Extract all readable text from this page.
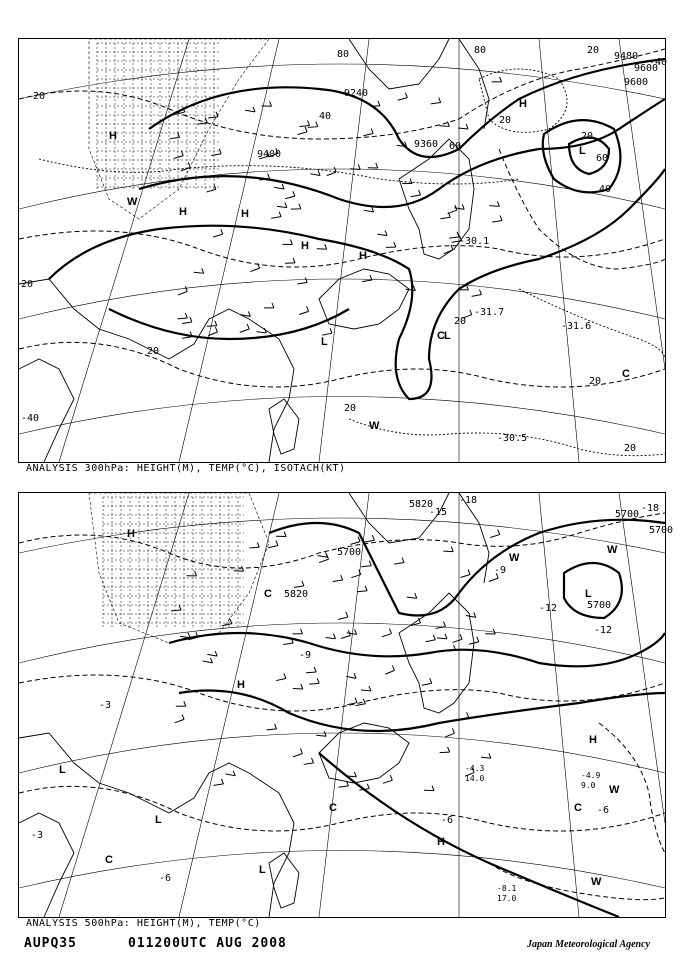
9240
9400
9360
9480
9600
9600
20
20
20
20
40
60
80
20
20
20
60
40
80
20
20
20
-40
-40
-30.1
-31.6
-30.5
-31.7
H
H	H
H
H
H
L	L
L
C
C
W
W
ANALYSIS 300hPa: HEIGHT(M), TEMP(°C), ISOTACH(KT)
5820
5700
5820
5700
5700
5700
-15
-18
-18
-12
-12
-9
-9
-6
-6
-6
-3
-3
-8.1
17.0
-4.3
14.0	-4.9
9.0
L
L
L
L
H
H
H
H
C
C	C
C
W
W
W
W
ANALYSIS 500hPa: HEIGHT(M), TEMP(°C)
AUPQ35	011200UTC AUG 2008	Japan Meteorological Agency
